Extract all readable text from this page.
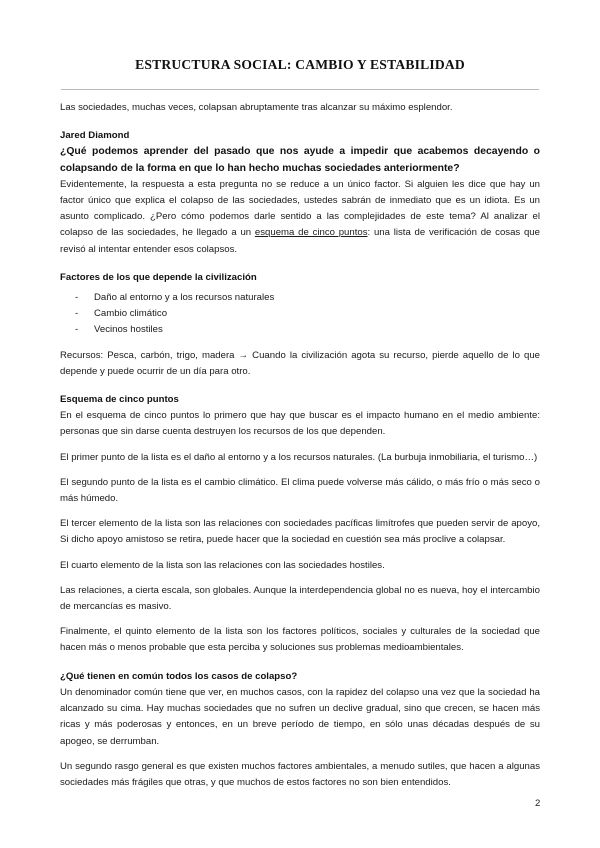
ESTRUCTURA SOCIAL: CAMBIO Y ESTABILIDAD

Las sociedades, muchas veces, colapsan abruptamente tras alcanzar su máximo esplendor.

Jared Diamond

¿Qué podemos aprender del pasado que nos ayude a impedir que acabemos decayendo o colapsando de la forma en que lo han hecho muchas sociedades anteriormente?

Evidentemente, la respuesta a esta pregunta no se reduce a un único factor. Si alguien les dice que hay un factor único que explica el colapso de las sociedades, ustedes sabrán de inmediato que es un idiota. Es un asunto complicado. ¿Pero cómo podemos darle sentido a las complejidades de este tema? Al analizar el colapso de las sociedades, he llegado a un esquema de cinco puntos: una lista de verificación de cosas que revisó al intentar entender esos colapsos.

Factores de los que depende la civilización

- Daño al entorno y a los recursos naturales
- Cambio climático
- Vecinos hostiles

Recursos: Pesca, carbón, trigo, madera → Cuando la civilización agota su recurso, pierde aquello de lo que depende y puede ocurrir de un día para otro.

Esquema de cinco puntos

En el esquema de cinco puntos lo primero que hay que buscar es el impacto humano en el medio ambiente: personas que sin darse cuenta destruyen los recursos de los que dependen.

El primer punto de la lista es el daño al entorno y a los recursos naturales. (La burbuja inmobiliaria, el turismo…)

El segundo punto de la lista es el cambio climático. El clima puede volverse más cálido, o más frío o más seco o más húmedo.

El tercer elemento de la lista son las relaciones con sociedades pacíficas limítrofes que pueden servir de apoyo, Si dicho apoyo amistoso se retira, puede hacer que la sociedad en cuestión sea más proclive a colapsar.

El cuarto elemento de la lista son las relaciones con las sociedades hostiles.

Las relaciones, a cierta escala, son globales. Aunque la interdependencia global no es nueva, hoy el intercambio de mercancías es masivo.

Finalmente, el quinto elemento de la lista son los factores políticos, sociales y culturales de la sociedad que hacen más o menos probable que esta perciba y soluciones sus problemas medioambientales.

¿Qué tienen en común todos los casos de colapso?

Un denominador común tiene que ver, en muchos casos, con la rapidez del colapso una vez que la sociedad ha alcanzado su cima. Hay muchas sociedades que no sufren un declive gradual, sino que crecen, se hacen más ricas y más poderosas y entonces, en un breve período de tiempo, en sólo unas décadas después de su apogeo, se derrumban.

Un segundo rasgo general es que existen muchos factores ambientales, a menudo sutiles, que hacen a algunas sociedades más frágiles que otras, y que muchos de estos factores no son bien entendidos.

2
